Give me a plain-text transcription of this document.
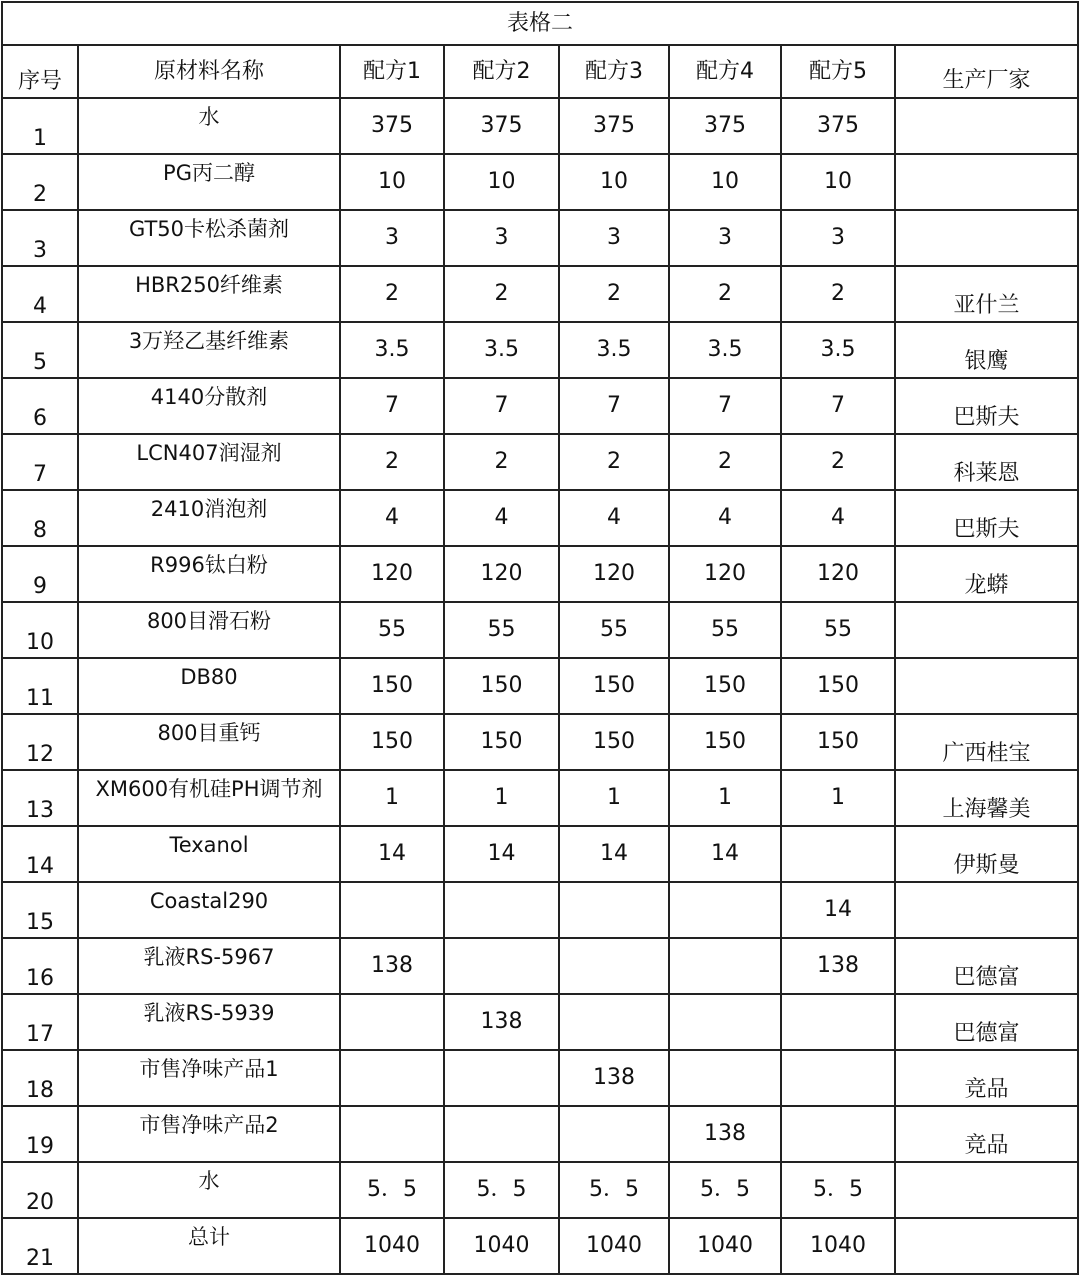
表格二							
序号	原材料名称	配方1	配方2	配方3	配方4	配方5	生产厂家
1	水	375	375	375	375	375	
2	PG丙二醇	10	10	10	10	10	
3	GT50卡松杀菌剂	3	3	3	3	3	
4	HBR250纤维素	2	2	2	2	2	亚什兰
5	3万羟乙基纤维素	3.5	3.5	3.5	3.5	3.5	银鹰
6	4140分散剂	7	7	7	7	7	巴斯夫
7	LCN407润湿剂	2	2	2	2	2	科莱恩
8	2410消泡剂	4	4	4	4	4	巴斯夫
9	R996钛白粉	120	120	120	120	120	龙蟒
10	800目滑石粉	55	55	55	55	55	
11	DB80	150	150	150	150	150	
12	800目重钙	150	150	150	150	150	广西桂宝
13	XM600有机硅PH调节剂	1	1	1	1	1	上海馨美
14	Texanol	14	14	14	14		伊斯曼
15	Coastal290					14	
16	乳液RS-5967	138				138	巴德富
17	乳液RS-5939		138				巴德富
18	市售净味产品1			138			竞品
19	市售净味产品2				138		竞品
20	水	5．5	5．5	5．5	5．5	5．5	
21	总计	1040	1040	1040	1040	1040	
